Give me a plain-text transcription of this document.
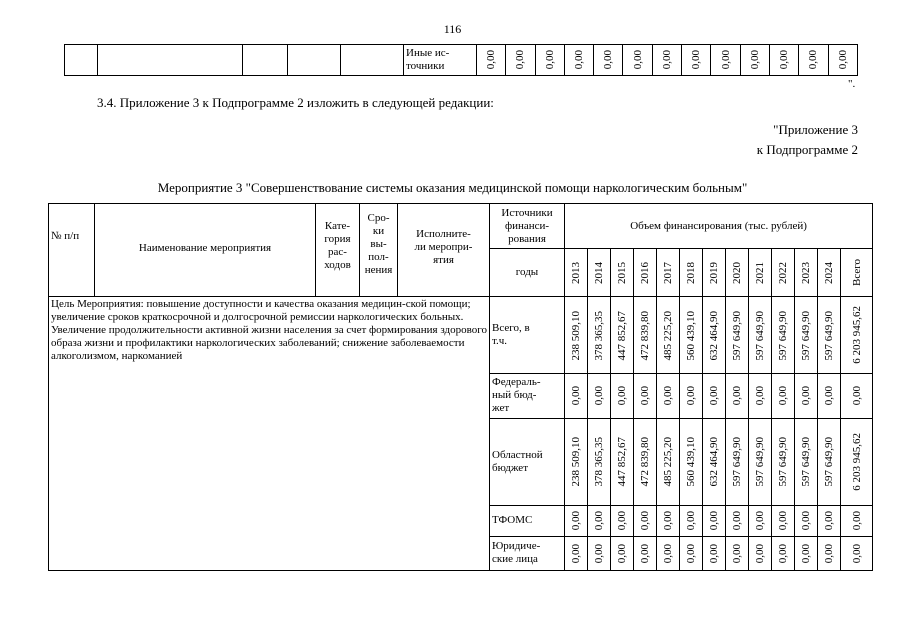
116
					Иные ис-
точники	0,00	0,00	0,00	0,00	0,00	0,00	0,00	0,00	0,00	0,00	0,00	0,00	0,00
".
3.4. Приложение 3 к Подпрограмме 2 изложить в следующей редакции:
"Приложение 3
к Подпрограмме 2
Мероприятие 3 "Совершенствование системы оказания медицинской помощи наркологическим больным"
№ п/п	Наименование мероприятия	Кате-
гория
рас-
ходов	Сро-
ки
вы-
пол-
нения	Исполните-
ли меропри-
ятия	Источники
финанси-
рования	Объем финансирования (тыс. рублей)												
					годы	2013	2014	2015	2016	2017	2018	2019	2020	2021	2022	2023	2024	Всего

Цель Мероприятия: повышение доступности и качества оказания медицин-ской помощи; увеличение сроков краткосрочной и долгосрочной ремиссии наркологических больных. Увеличение продолжительности активной жизни населения за счет формирования здорового образа жизни и профилактики наркологических заболеваний; снижение заболеваемости алкоголизмом, наркоманией					Всего, в
т.ч.	238 509,10	378 365,35	447 852,67	472 839,80	485 225,20	560 439,10	632 464,90	597 649,90	597 649,90	597 649,90	597 649,90	597 649,90	6 203 945,62

					Федераль-
ный бюд-
жет	0,00	0,00	0,00	0,00	0,00	0,00	0,00	0,00	0,00	0,00	0,00	0,00	0,00

					Областной
бюджет	238 509,10	378 365,35	447 852,67	472 839,80	485 225,20	560 439,10	632 464,90	597 649,90	597 649,90	597 649,90	597 649,90	597 649,90	6 203 945,62

					ТФОМС	0,00	0,00	0,00	0,00	0,00	0,00	0,00	0,00	0,00	0,00	0,00	0,00	0,00

					Юридиче-
ские лица	0,00	0,00	0,00	0,00	0,00	0,00	0,00	0,00	0,00	0,00	0,00	0,00	0,00
